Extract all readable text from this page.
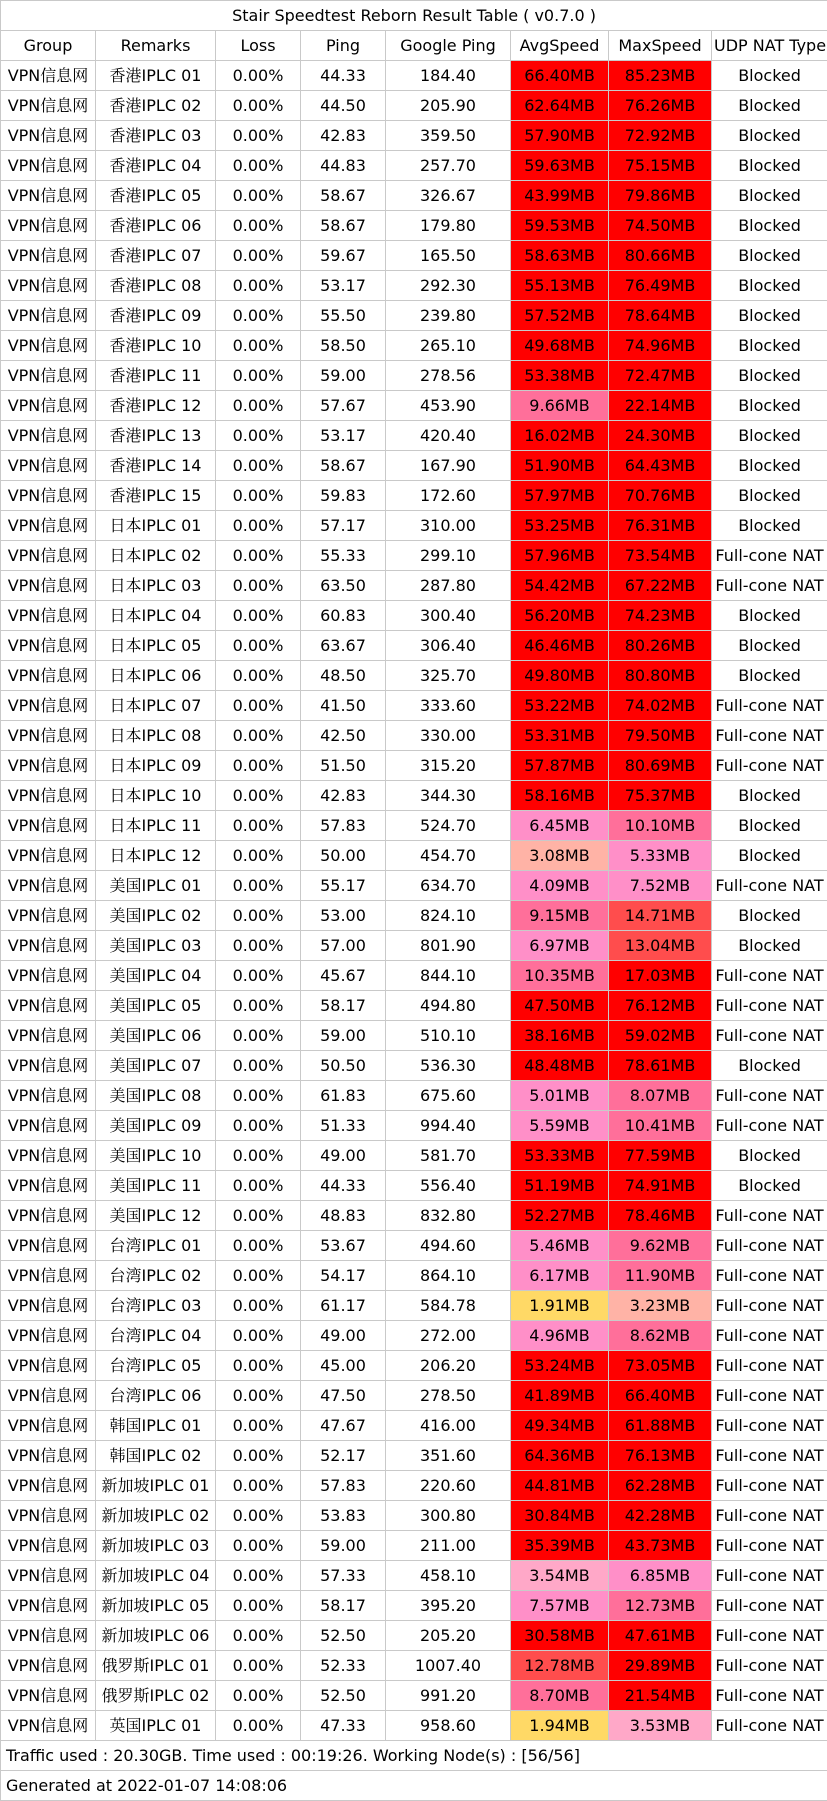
Stair Speedtest Reborn Result Table ( v0.7.0 )							
Group	Remarks	Loss	Ping	Google Ping	AvgSpeed	MaxSpeed	UDP NAT Type
VPN信息网	香港IPLC 01	0.00%	44.33	184.40	66.40MB	85.23MB	Blocked
VPN信息网	香港IPLC 02	0.00%	44.50	205.90	62.64MB	76.26MB	Blocked
VPN信息网	香港IPLC 03	0.00%	42.83	359.50	57.90MB	72.92MB	Blocked
VPN信息网	香港IPLC 04	0.00%	44.83	257.70	59.63MB	75.15MB	Blocked
VPN信息网	香港IPLC 05	0.00%	58.67	326.67	43.99MB	79.86MB	Blocked
VPN信息网	香港IPLC 06	0.00%	58.67	179.80	59.53MB	74.50MB	Blocked
VPN信息网	香港IPLC 07	0.00%	59.67	165.50	58.63MB	80.66MB	Blocked
VPN信息网	香港IPLC 08	0.00%	53.17	292.30	55.13MB	76.49MB	Blocked
VPN信息网	香港IPLC 09	0.00%	55.50	239.80	57.52MB	78.64MB	Blocked
VPN信息网	香港IPLC 10	0.00%	58.50	265.10	49.68MB	74.96MB	Blocked
VPN信息网	香港IPLC 11	0.00%	59.00	278.56	53.38MB	72.47MB	Blocked
VPN信息网	香港IPLC 12	0.00%	57.67	453.90	9.66MB	22.14MB	Blocked
VPN信息网	香港IPLC 13	0.00%	53.17	420.40	16.02MB	24.30MB	Blocked
VPN信息网	香港IPLC 14	0.00%	58.67	167.90	51.90MB	64.43MB	Blocked
VPN信息网	香港IPLC 15	0.00%	59.83	172.60	57.97MB	70.76MB	Blocked
VPN信息网	日本IPLC 01	0.00%	57.17	310.00	53.25MB	76.31MB	Blocked
VPN信息网	日本IPLC 02	0.00%	55.33	299.10	57.96MB	73.54MB	Full-cone NAT
VPN信息网	日本IPLC 03	0.00%	63.50	287.80	54.42MB	67.22MB	Full-cone NAT
VPN信息网	日本IPLC 04	0.00%	60.83	300.40	56.20MB	74.23MB	Blocked
VPN信息网	日本IPLC 05	0.00%	63.67	306.40	46.46MB	80.26MB	Blocked
VPN信息网	日本IPLC 06	0.00%	48.50	325.70	49.80MB	80.80MB	Blocked
VPN信息网	日本IPLC 07	0.00%	41.50	333.60	53.22MB	74.02MB	Full-cone NAT
VPN信息网	日本IPLC 08	0.00%	42.50	330.00	53.31MB	79.50MB	Full-cone NAT
VPN信息网	日本IPLC 09	0.00%	51.50	315.20	57.87MB	80.69MB	Full-cone NAT
VPN信息网	日本IPLC 10	0.00%	42.83	344.30	58.16MB	75.37MB	Blocked
VPN信息网	日本IPLC 11	0.00%	57.83	524.70	6.45MB	10.10MB	Blocked
VPN信息网	日本IPLC 12	0.00%	50.00	454.70	3.08MB	5.33MB	Blocked
VPN信息网	美国IPLC 01	0.00%	55.17	634.70	4.09MB	7.52MB	Full-cone NAT
VPN信息网	美国IPLC 02	0.00%	53.00	824.10	9.15MB	14.71MB	Blocked
VPN信息网	美国IPLC 03	0.00%	57.00	801.90	6.97MB	13.04MB	Blocked
VPN信息网	美国IPLC 04	0.00%	45.67	844.10	10.35MB	17.03MB	Full-cone NAT
VPN信息网	美国IPLC 05	0.00%	58.17	494.80	47.50MB	76.12MB	Full-cone NAT
VPN信息网	美国IPLC 06	0.00%	59.00	510.10	38.16MB	59.02MB	Full-cone NAT
VPN信息网	美国IPLC 07	0.00%	50.50	536.30	48.48MB	78.61MB	Blocked
VPN信息网	美国IPLC 08	0.00%	61.83	675.60	5.01MB	8.07MB	Full-cone NAT
VPN信息网	美国IPLC 09	0.00%	51.33	994.40	5.59MB	10.41MB	Full-cone NAT
VPN信息网	美国IPLC 10	0.00%	49.00	581.70	53.33MB	77.59MB	Blocked
VPN信息网	美国IPLC 11	0.00%	44.33	556.40	51.19MB	74.91MB	Blocked
VPN信息网	美国IPLC 12	0.00%	48.83	832.80	52.27MB	78.46MB	Full-cone NAT
VPN信息网	台湾IPLC 01	0.00%	53.67	494.60	5.46MB	9.62MB	Full-cone NAT
VPN信息网	台湾IPLC 02	0.00%	54.17	864.10	6.17MB	11.90MB	Full-cone NAT
VPN信息网	台湾IPLC 03	0.00%	61.17	584.78	1.91MB	3.23MB	Full-cone NAT
VPN信息网	台湾IPLC 04	0.00%	49.00	272.00	4.96MB	8.62MB	Full-cone NAT
VPN信息网	台湾IPLC 05	0.00%	45.00	206.20	53.24MB	73.05MB	Full-cone NAT
VPN信息网	台湾IPLC 06	0.00%	47.50	278.50	41.89MB	66.40MB	Full-cone NAT
VPN信息网	韩国IPLC 01	0.00%	47.67	416.00	49.34MB	61.88MB	Full-cone NAT
VPN信息网	韩国IPLC 02	0.00%	52.17	351.60	64.36MB	76.13MB	Full-cone NAT
VPN信息网	新加坡IPLC 01	0.00%	57.83	220.60	44.81MB	62.28MB	Full-cone NAT
VPN信息网	新加坡IPLC 02	0.00%	53.83	300.80	30.84MB	42.28MB	Full-cone NAT
VPN信息网	新加坡IPLC 03	0.00%	59.00	211.00	35.39MB	43.73MB	Full-cone NAT
VPN信息网	新加坡IPLC 04	0.00%	57.33	458.10	3.54MB	6.85MB	Full-cone NAT
VPN信息网	新加坡IPLC 05	0.00%	58.17	395.20	7.57MB	12.73MB	Full-cone NAT
VPN信息网	新加坡IPLC 06	0.00%	52.50	205.20	30.58MB	47.61MB	Full-cone NAT
VPN信息网	俄罗斯IPLC 01	0.00%	52.33	1007.40	12.78MB	29.89MB	Full-cone NAT
VPN信息网	俄罗斯IPLC 02	0.00%	52.50	991.20	8.70MB	21.54MB	Full-cone NAT
VPN信息网	英国IPLC 01	0.00%	47.33	958.60	1.94MB	3.53MB	Full-cone NAT
Traffic used : 20.30GB. Time used : 00:19:26. Working Node(s) : [56/56]							
Generated at 2022-01-07 14:08:06							
